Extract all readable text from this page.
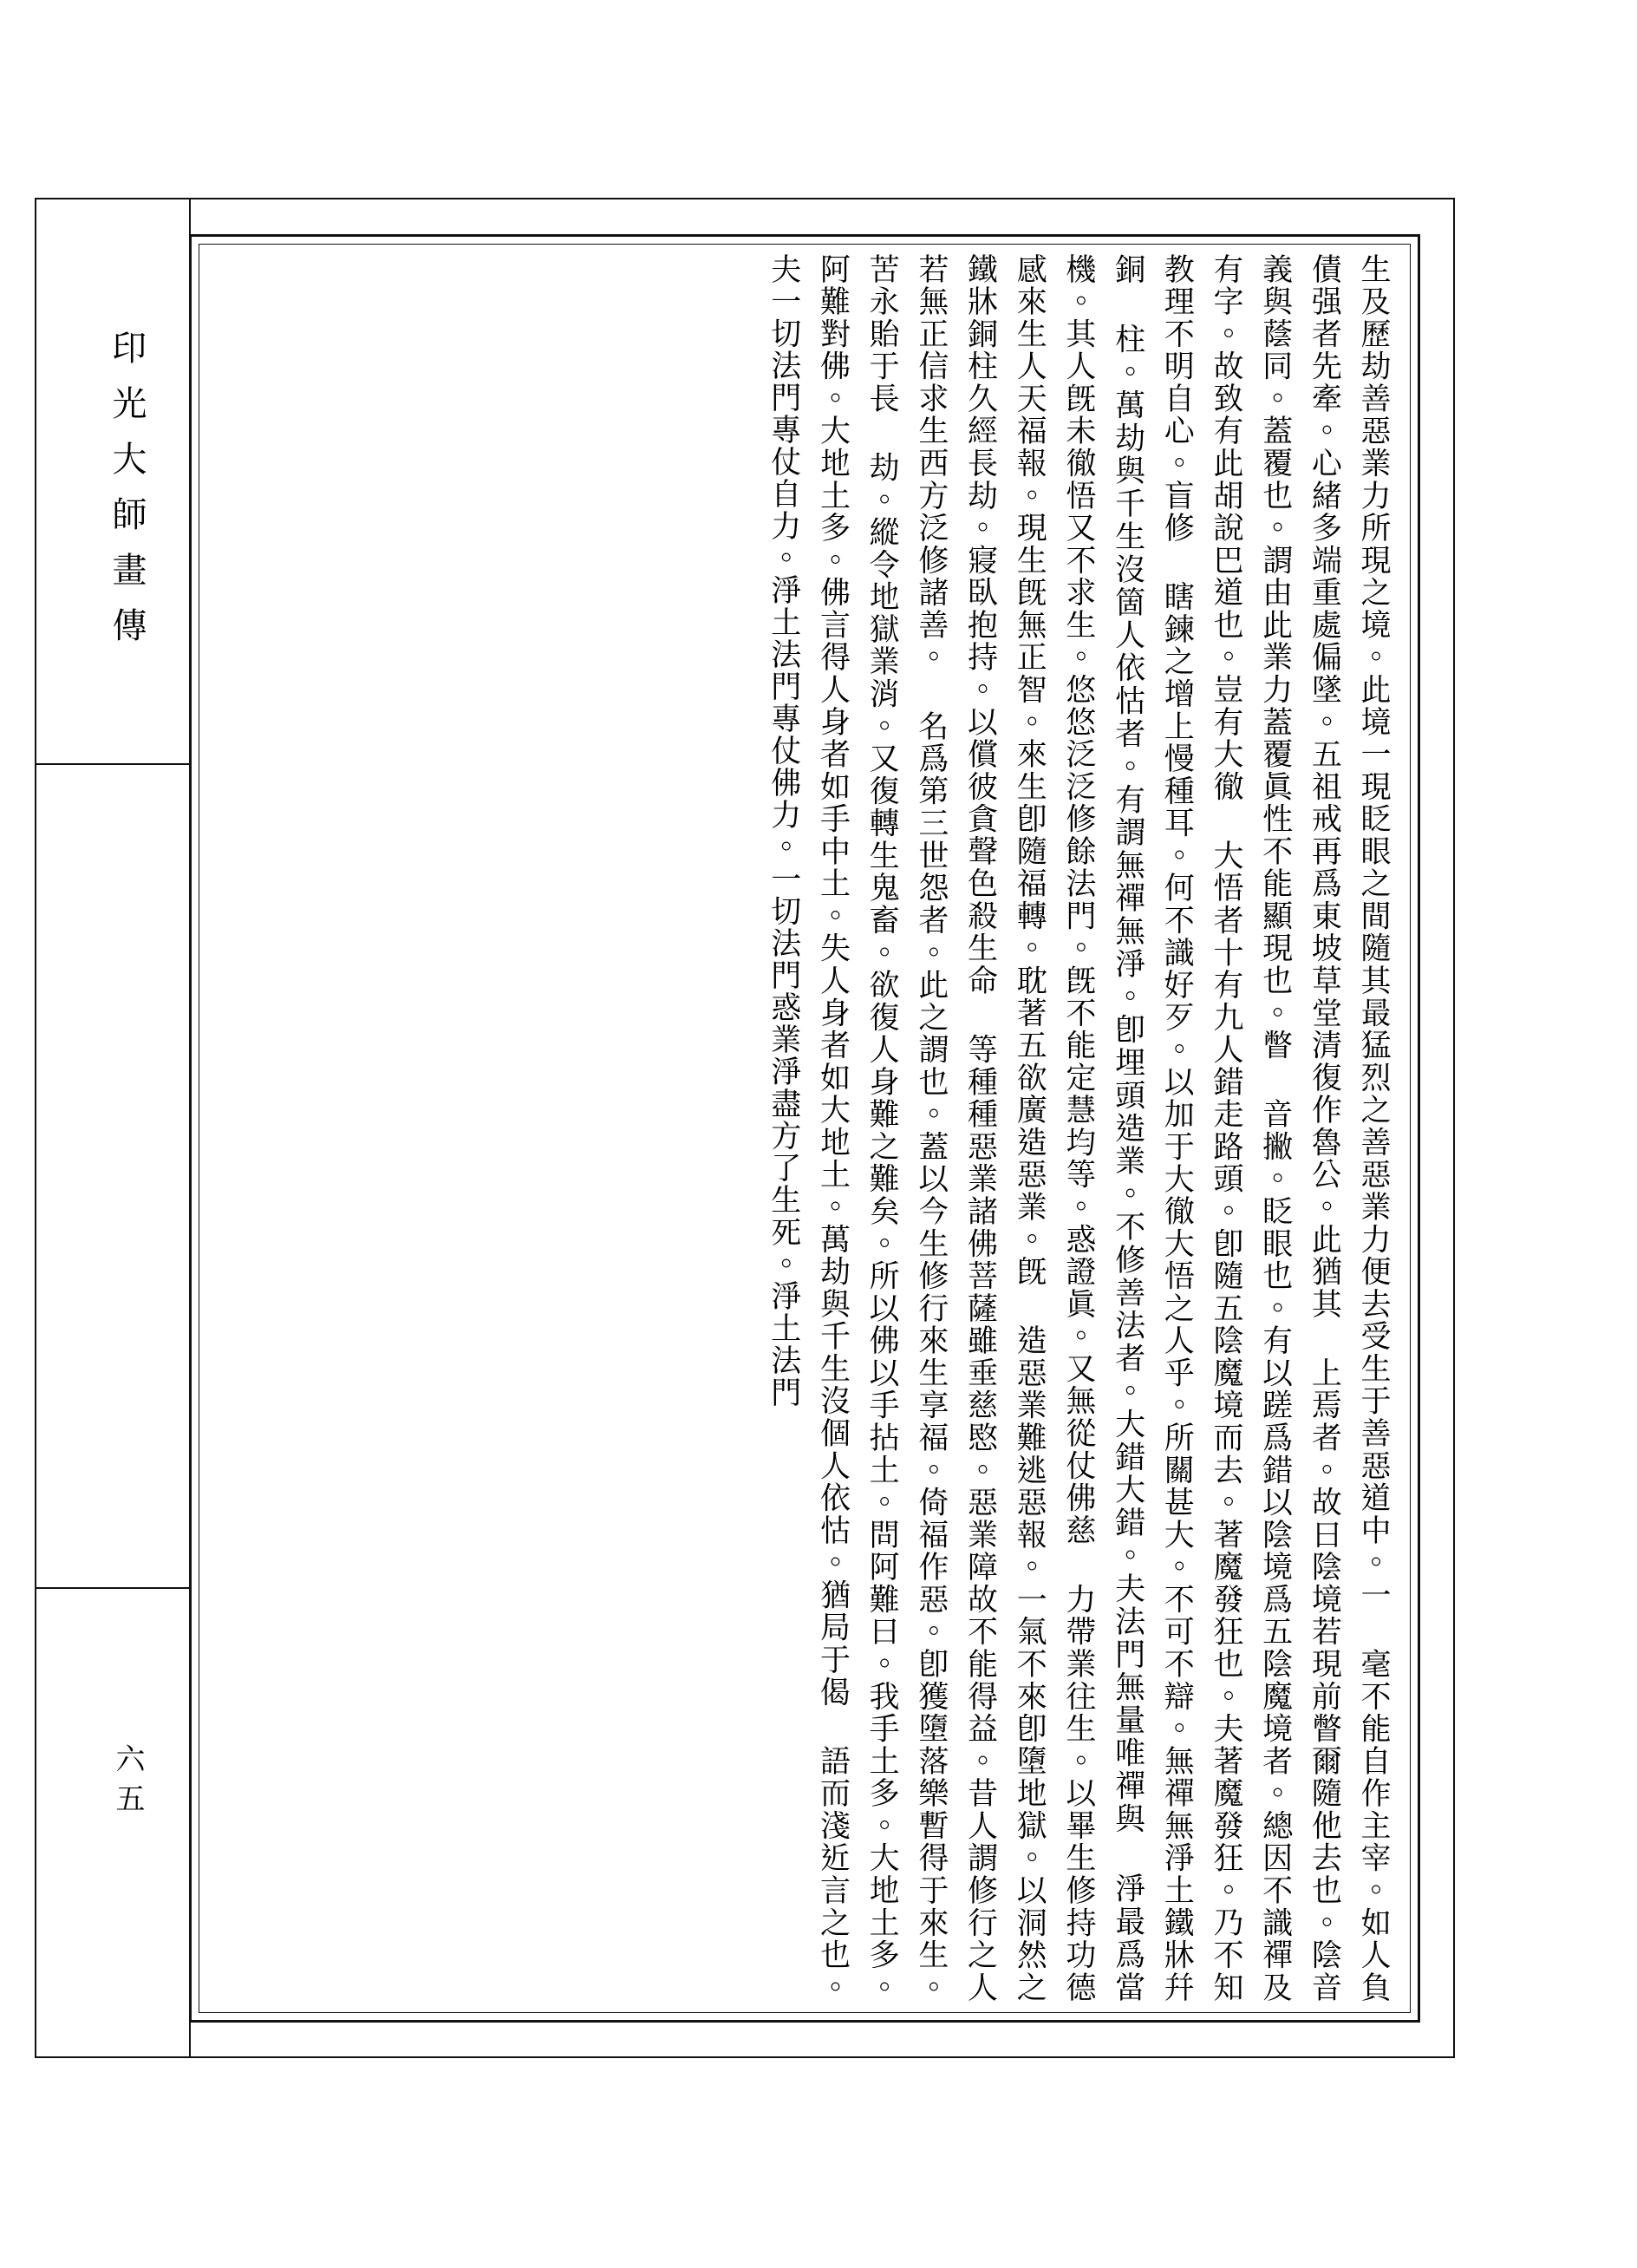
印光大師畫傳
六五
生及歷劫善惡業力所現之境。此境一現眨眼之間隨其最猛烈之善惡業力便去受生于善惡道中。一 毫不能自作主宰。如人負債强者先牽。心緒多端重處偏墜。五祖戒再爲東坡草堂清復作魯公。此猶其 上焉者。故曰陰境若現前瞥爾隨他去也。陰音義與蔭同。蓋覆也。謂由此業力蓋覆眞性不能顯現也。瞥 音撇。眨眼也。有以蹉爲錯以陰境爲五陰魔境者。總因不識禪及有字。故致有此胡說巴道也。豈有大徹 大悟者十有九人錯走路頭。卽隨五陰魔境而去。著魔發狂也。夫著魔發狂。乃不知教理不明自心。盲修 瞎鍊之增上慢種耳。何不識好歹。以加于大徹大悟之人乎。所關甚大。不可不辯。無禪無淨土鐵牀幷銅 柱。萬劫與千生沒箇人依怙者。有謂無禪無淨。卽埋頭造業。不修善法者。大錯大錯。夫法門無量唯禪與 淨最爲當機。其人旣未徹悟又不求生。悠悠泛泛修餘法門。旣不能定慧均等。惑證眞。又無從仗佛慈 力帶業往生。以畢生修持功德感來生人天福報。現生旣無正智。來生卽隨福轉。耽著五欲廣造惡業。旣 造惡業難逃惡報。一氣不來卽墮地獄。以洞然之鐵牀銅柱久經長劫。寢臥抱持。以償彼貪聲色殺生命 等種種惡業諸佛菩薩雖垂慈愍。惡業障故不能得益。昔人謂修行之人若無正信求生西方泛修諸善。 名爲第三世怨者。此之謂也。蓋以今生修行來生享福。倚福作惡。卽獲墮落樂暫得于來生。苦永貽于長 劫。縱令地獄業消。又復轉生鬼畜。欲復人身難之難矣。所以佛以手拈土。問阿難曰。我手土多。大地土多。 阿難對佛。大地土多。佛言得人身者如手中土。失人身者如大地土。萬劫與千生沒個人依怙。猶局于偈 語而淺近言之也。夫一切法門專仗自力。淨土法門專仗佛力。一切法門惑業淨盡方了生死。淨土法門
